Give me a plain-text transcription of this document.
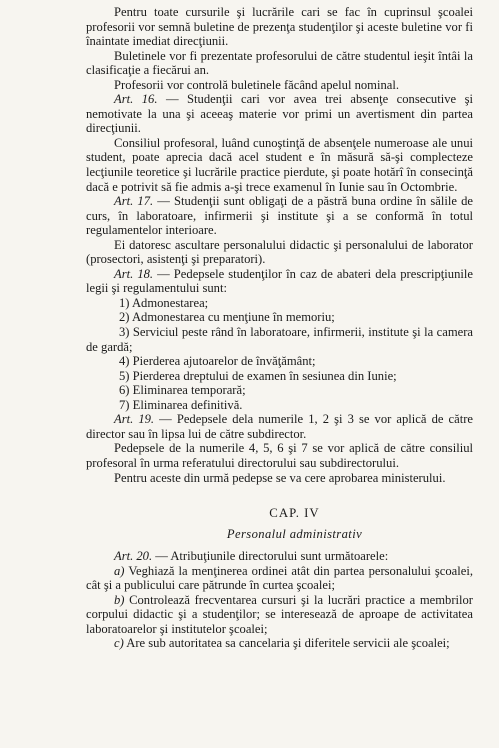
Pentru toate cursurile şi lucrările cari se fac în cuprinsul şcoalei profesorii vor semnă buletine de prezenţa studenţilor şi aceste buletine vor fi înaintate imediat direcţiunii.

Buletinele vor fi prezentate profesorului de către studentul ieşit întâi la clasificaţie a fiecărui an.

Profesorii vor controlă buletinele făcând apelul nominal.

Art. 16. — Studenţii cari vor avea trei absenţe consecutive şi nemotivate la una şi aceeaş materie vor primi un avertisment din partea direcţiunii.

Consiliul profesoral, luând cunoştinţă de absenţele numeroase ale unui student, poate aprecia dacă acel student e în măsură să-şi complecteze lecţiunile teoretice şi lucrările practice pierdute, şi poate hotărî în consecinţă dacă e potrivit să fie admis a-şi trece examenul în Iunie sau în Octombrie.

Art. 17. — Studenţii sunt obligaţi de a păstră buna ordine în sălile de curs, în laboratoare, infirmerii şi institute şi a se conformă în totul regulamentelor interioare.

Ei datoresc ascultare personalului didactic şi personalului de laborator (prosectori, asistenţi şi preparatori).

Art. 18. — Pedepsele studenţilor în caz de abateri dela prescripţiunile legii şi regulamentului sunt:

1) Admonestarea;

2) Admonestarea cu menţiune în memoriu;

3) Serviciul peste rând în laboratoare, infirmerii, institute şi la camera de gardă;

4) Pierderea ajutoarelor de învăţământ;

5) Pierderea dreptului de examen în sesiunea din Iunie;

6) Eliminarea temporară;

7) Eliminarea definitivă.

Art. 19. — Pedepsele dela numerile 1, 2 şi 3 se vor aplică de către director sau în lipsa lui de către subdirector.

Pedepsele de la numerile 4, 5, 6 şi 7 se vor aplică de către consiliul profesoral în urma referatului directorului sau subdirectorului.

Pentru aceste din urmă pedepse se va cere aprobarea ministerului.

CAP. IV
Personalul administrativ

Art. 20. — Atribuţiunile directorului sunt următoarele:

a) Veghiază la menţinerea ordinei atât din partea personalului şcoalei, cât şi a publicului care pătrunde în curtea şcoalei;

b) Controlează frecventarea cursuri şi la lucrări practice a membrilor corpului didactic şi a studenţilor; se interesează de aproape de activitatea laboratoarelor şi institutelor şcoalei;

c) Are sub autoritatea sa cancelaria şi diferitele servicii ale şcoalei;
